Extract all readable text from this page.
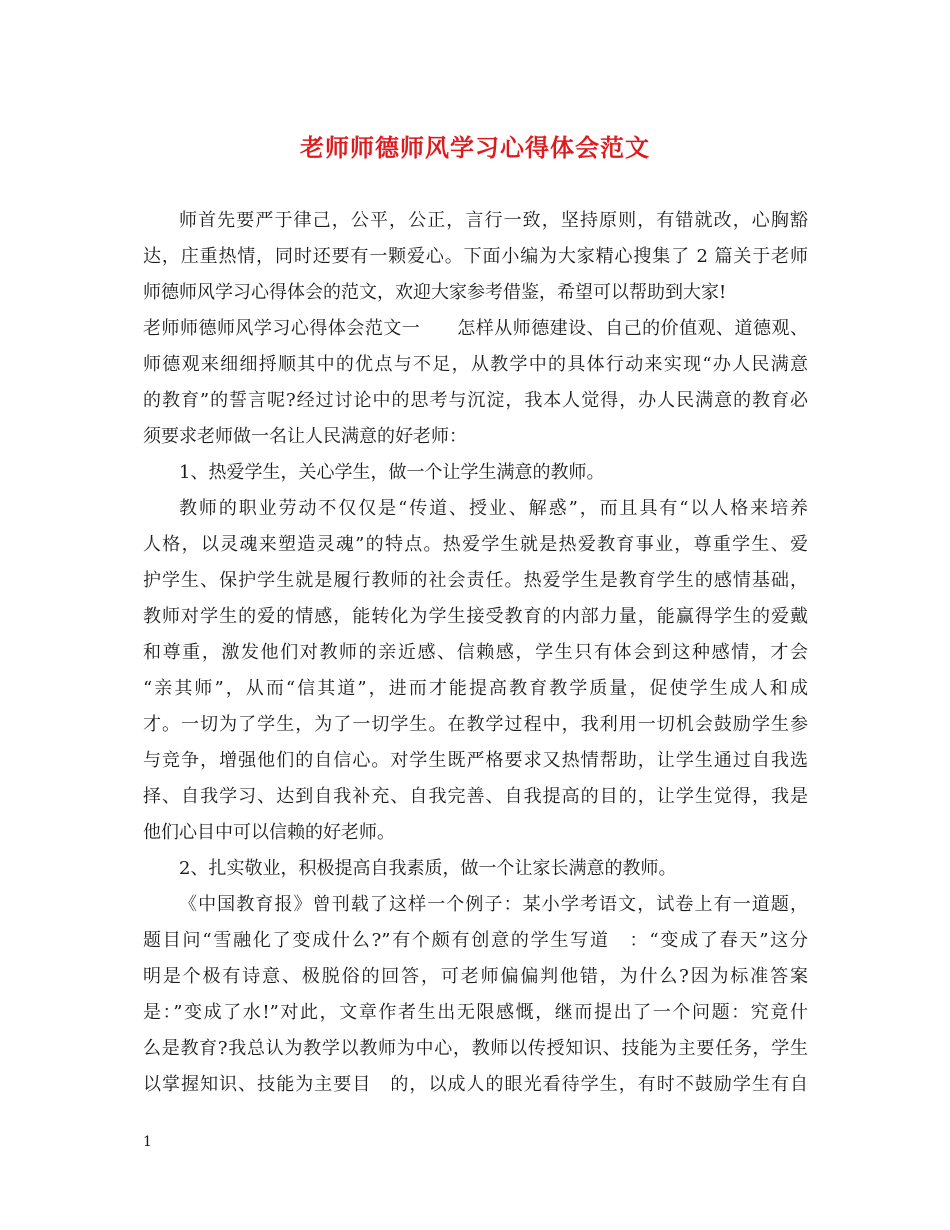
老师师德师风学习心得体会范文
师首先要严于律己，公平，公正，言行一致，坚持原则，有错就改，心胸豁
达，庄重热情，同时还要有一颗爱心。下面小编为大家精心搜集了 2 篇关于老师
师德师风学习心得体会的范文，欢迎大家参考借鉴，希望可以帮助到大家!
老师师德师风学习心得体会范文一　　怎样从师德建设、自己的价值观、道德观、
师德观来细细捋顺其中的优点与不足，从教学中的具体行动来实现“办人民满意
的教育”的誓言呢?经过讨论中的思考与沉淀，我本人觉得，办人民满意的教育必
须要求老师做一名让人民满意的好老师：
1、热爱学生，关心学生，做一个让学生满意的教师。
教师的职业劳动不仅仅是“传道、授业、解惑”，而且具有“以人格来培养
人格，以灵魂来塑造灵魂”的特点。热爱学生就是热爱教育事业，尊重学生、爱
护学生、保护学生就是履行教师的社会责任。热爱学生是教育学生的感情基础，
教师对学生的爱的情感，能转化为学生接受教育的内部力量，能赢得学生的爱戴
和尊重，激发他们对教师的亲近感、信赖感，学生只有体会到这种感情，才会
“亲其师”，从而“信其道”，进而才能提高教育教学质量，促使学生成人和成
才。一切为了学生，为了一切学生。在教学过程中，我利用一切机会鼓励学生参
与竞争，增强他们的自信心。对学生既严格要求又热情帮助，让学生通过自我选
择、自我学习、达到自我补充、自我完善、自我提高的目的，让学生觉得，我是
他们心目中可以信赖的好老师。
2、扎实敬业，积极提高自我素质，做一个让家长满意的教师。
《中国教育报》曾刊载了这样一个例子：某小学考语文，试卷上有一道题，
题目问“雪融化了变成什么?”有个颇有创意的学生写道　：“变成了春天”这分
明是个极有诗意、极脱俗的回答，可老师偏偏判他错，为什么?因为标准答案
是：”变成了水!”对此，文章作者生出无限感慨，继而提出了一个问题：究竟什
么是教育?我总认为教学以教师为中心，教师以传授知识、技能为主要任务，学生
以掌握知识、技能为主要目　的，以成人的眼光看待学生，有时不鼓励学生有自
1
